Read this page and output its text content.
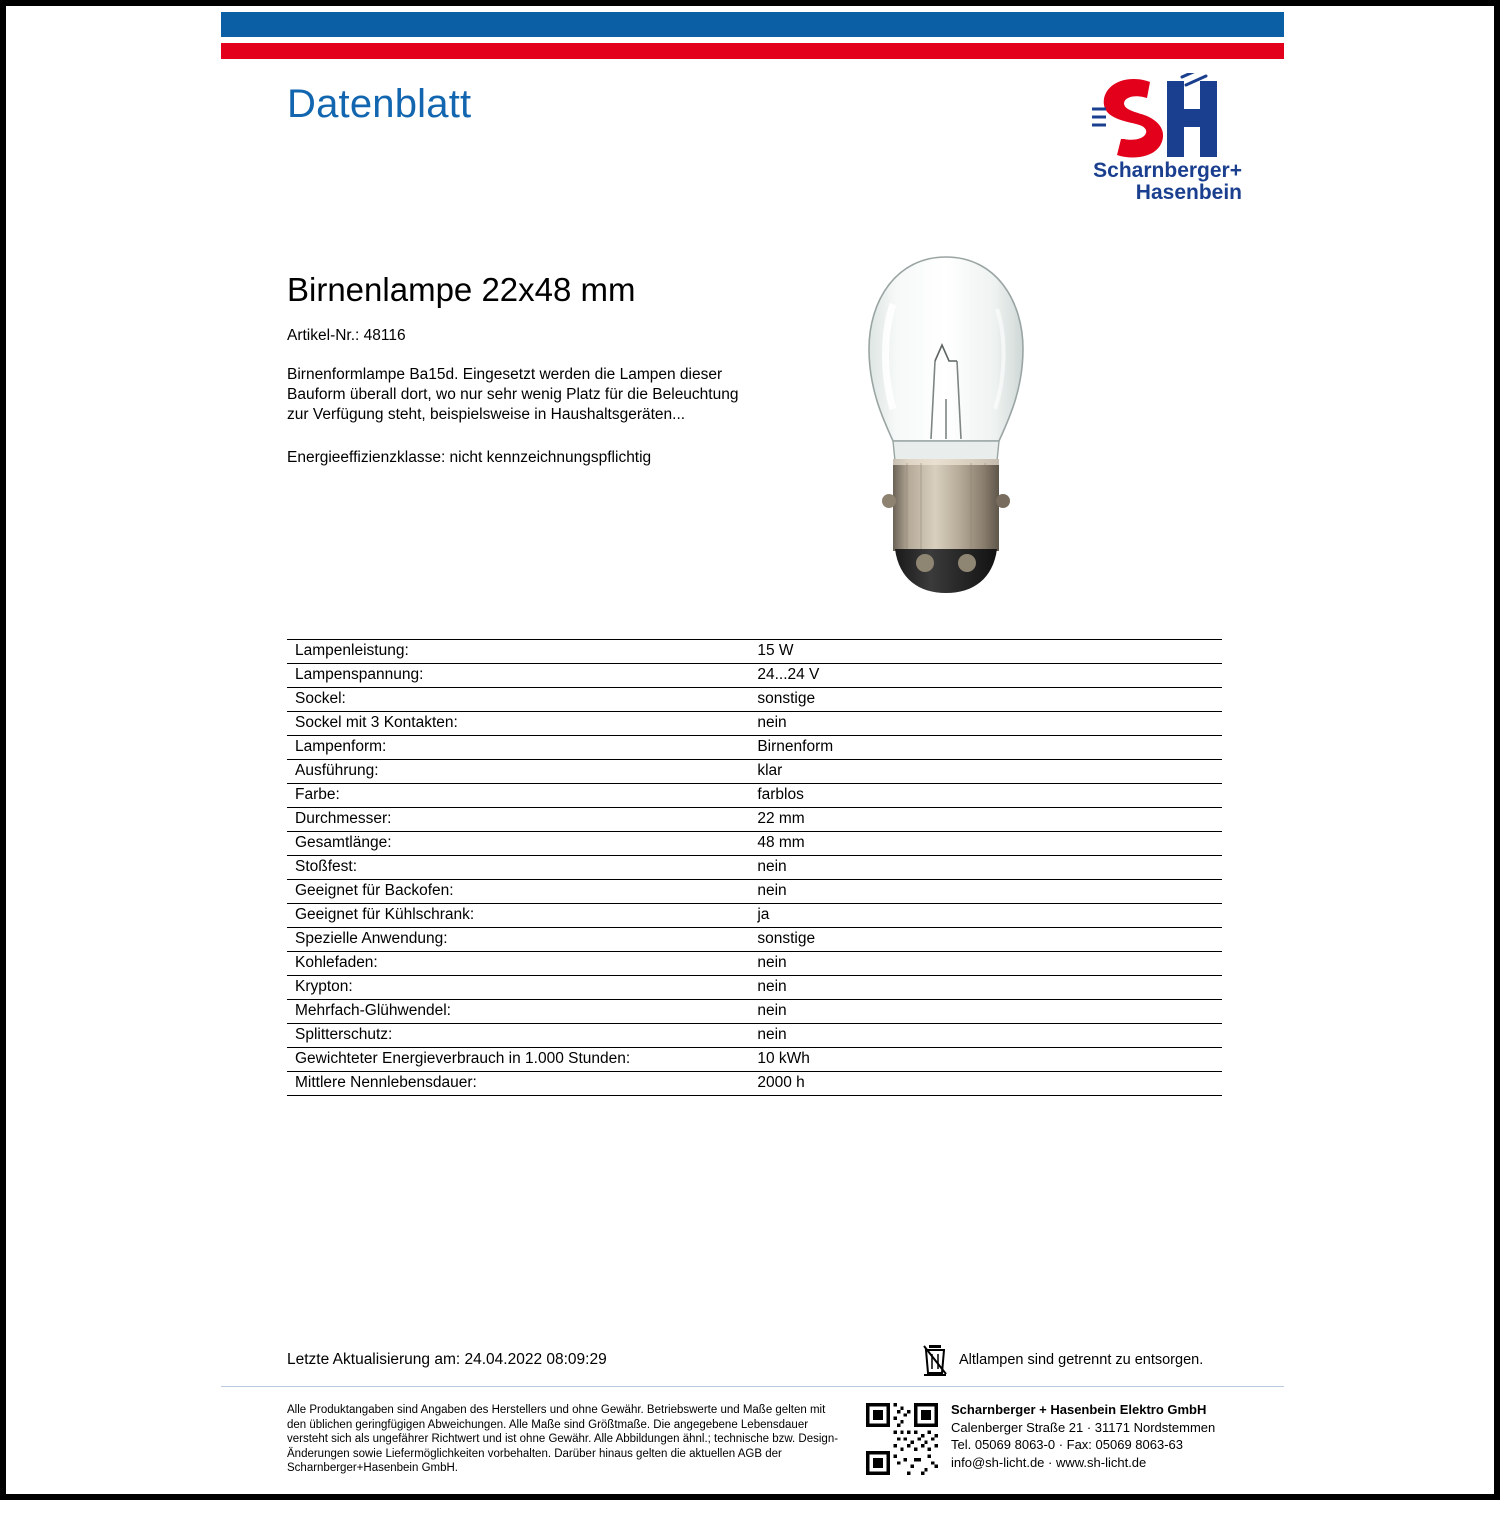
Datenblatt
Scharnberger+
Hasenbein
Birnenlampe 22x48 mm
Artikel-Nr.: 48116
Birnenformlampe Ba15d. Eingesetzt werden die Lampen dieser Bauform überall dort, wo nur sehr wenig Platz für die Beleuchtung zur Verfügung steht, beispielsweise in Haushaltsgeräten...
Energieeffizienzklasse: nicht kennzeichnungspflichtig
Lampenleistung:	15 W
Lampenspannung:	24...24 V
Sockel:	sonstige
Sockel mit 3 Kontakten:	nein
Lampenform:	Birnenform
Ausführung:	klar
Farbe:	farblos
Durchmesser:	22 mm
Gesamtlänge:	48 mm
Stoßfest:	nein
Geeignet für Backofen:	nein
Geeignet für Kühlschrank:	ja
Spezielle Anwendung:	sonstige
Kohlefaden:	nein
Krypton:	nein
Mehrfach-Glühwendel:	nein
Splitterschutz:	nein
Gewichteter Energieverbrauch in 1.000 Stunden:	10 kWh
Mittlere Nennlebensdauer:	2000 h
Letzte Aktualisierung am: 24.04.2022 08:09:29	Altlampen sind getrennt zu entsorgen.
Alle Produktangaben sind Angaben des Herstellers und ohne Gewähr. Betriebswerte und Maße gelten mit den üblichen geringfügigen Abweichungen. Alle Maße sind Größtmaße. Die angegebene Lebensdauer versteht sich als ungefährer Richtwert und ist ohne Gewähr. Alle Abbildungen ähnl.; technische bzw. Design-Änderungen sowie Liefermöglichkeiten vorbehalten. Darüber hinaus gelten die aktuellen AGB der Scharnberger+Hasenbein GmbH.
Scharnberger + Hasenbein Elektro GmbH
Calenberger Straße 21 · 31171 Nordstemmen
Tel. 05069 8063-0 · Fax: 05069 8063-63
info@sh-licht.de · www.sh-licht.de
